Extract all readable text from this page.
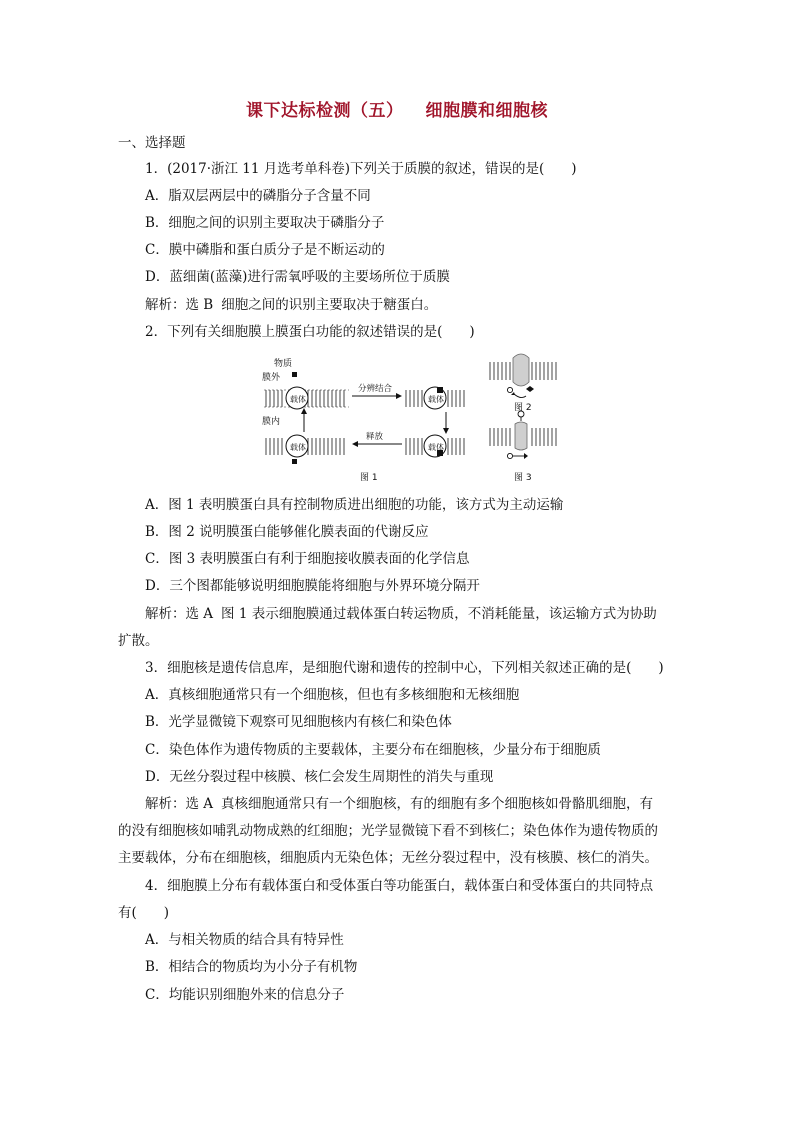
课下达标检测（五） 细胞膜和细胞核
一、选择题
1．(2017·浙江 11 月选考单科卷)下列关于质膜的叙述，错误的是(　　)
A．脂双层两层中的磷脂分子含量不同
B．细胞之间的识别主要取决于磷脂分子
C．膜中磷脂和蛋白质分子是不断运动的
D．蓝细菌(蓝藻)进行需氧呼吸的主要场所位于质膜
解析：选 B 细胞之间的识别主要取决于糖蛋白。
2．下列有关细胞膜上膜蛋白功能的叙述错误的是(　　)
物质
膜外
膜内
载体
分辨结合
载体
载体
释放
载体
图 1
图 2
图 3
A．图 1 表明膜蛋白具有控制物质进出细胞的功能，该方式为主动运输
B．图 2 说明膜蛋白能够催化膜表面的代谢反应
C．图 3 表明膜蛋白有利于细胞接收膜表面的化学信息
D．三个图都能够说明细胞膜能将细胞与外界环境分隔开
解析：选 A 图 1 表示细胞膜通过载体蛋白转运物质，不消耗能量，该运输方式为协助
扩散。
3．细胞核是遗传信息库，是细胞代谢和遗传的控制中心，下列相关叙述正确的是(　　)
A．真核细胞通常只有一个细胞核，但也有多核细胞和无核细胞
B．光学显微镜下观察可见细胞核内有核仁和染色体
C．染色体作为遗传物质的主要载体，主要分布在细胞核，少量分布于细胞质
D．无丝分裂过程中核膜、核仁会发生周期性的消失与重现
解析：选 A 真核细胞通常只有一个细胞核，有的细胞有多个细胞核如骨骼肌细胞，有
的没有细胞核如哺乳动物成熟的红细胞；光学显微镜下看不到核仁；染色体作为遗传物质的
主要载体，分布在细胞核，细胞质内无染色体；无丝分裂过程中，没有核膜、核仁的消失。
4．细胞膜上分布有载体蛋白和受体蛋白等功能蛋白，载体蛋白和受体蛋白的共同特点
有(　　)
A．与相关物质的结合具有特异性
B．相结合的物质均为小分子有机物
C．均能识别细胞外来的信息分子
